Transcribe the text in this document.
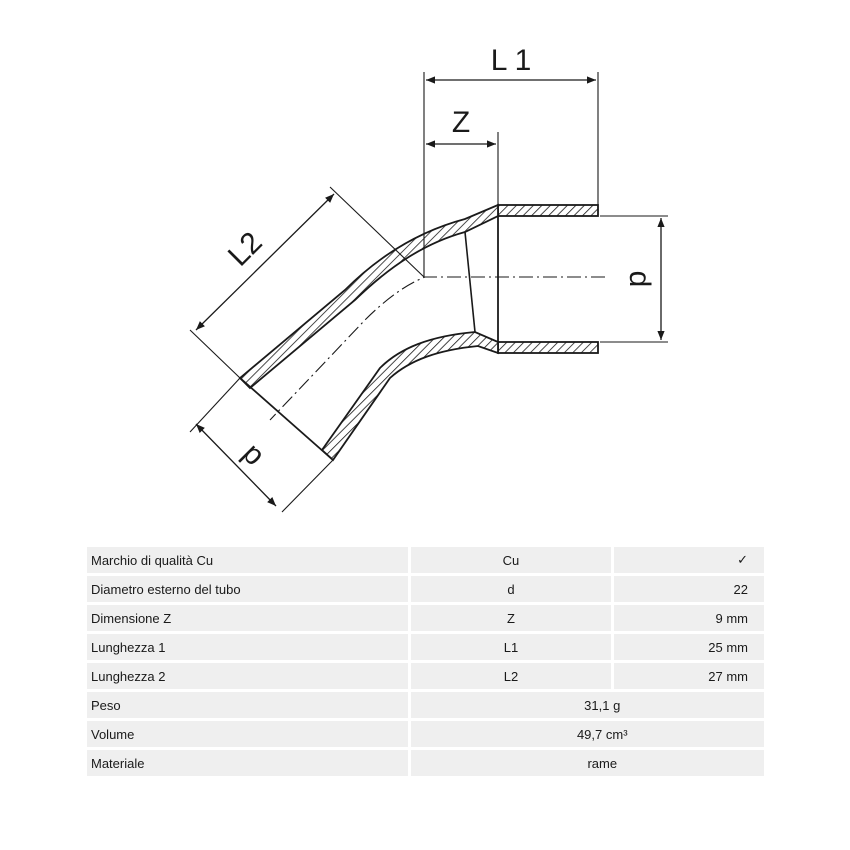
L 1
Z
d
L2
d
Marchio di qualità Cu	Cu	✓
Diametro esterno del tubo	d	22
Dimensione Z	Z	9 mm
Lunghezza 1	L1	25 mm
Lunghezza 2	L2	27 mm
Peso	31,1 g	
Volume	49,7 cm³	
Materiale	rame	
